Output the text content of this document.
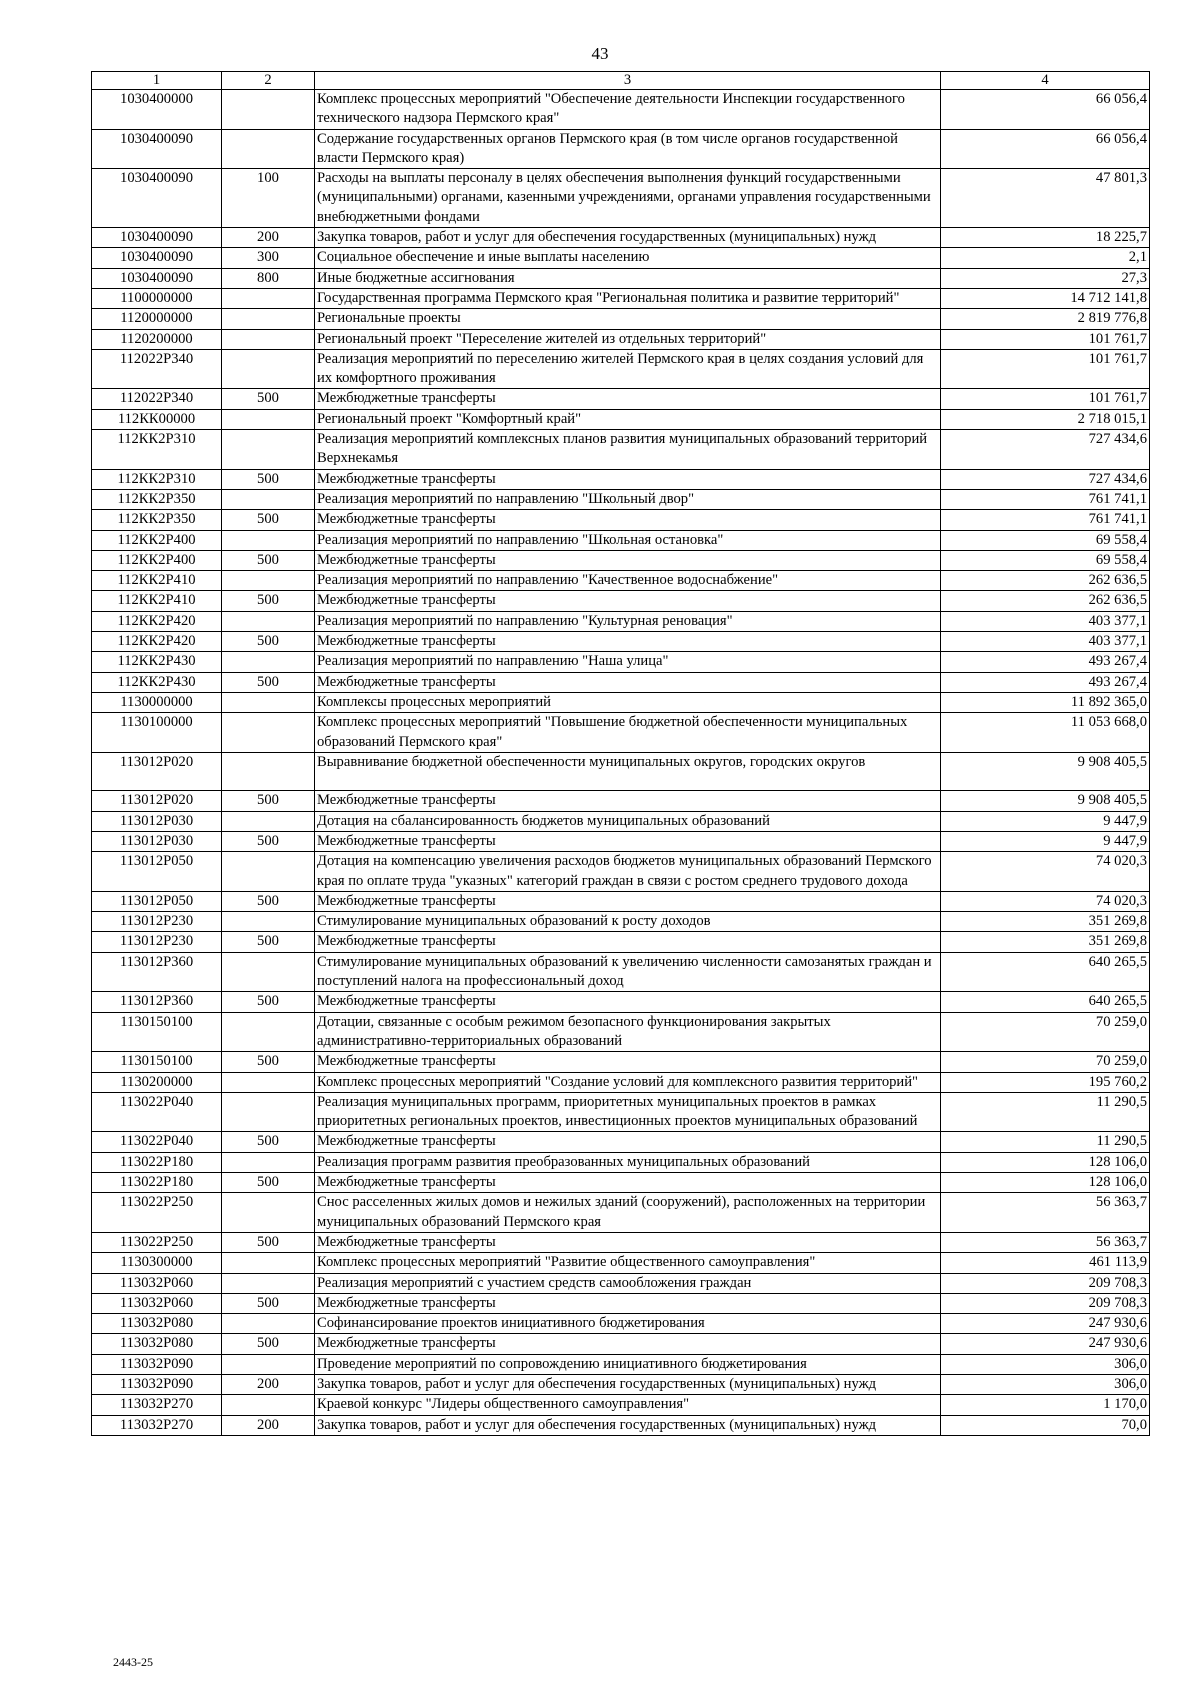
43
1	2	3	4
1030400000		Комплекс процессных мероприятий "Обеспечение деятельности Инспекции государственного технического надзора Пермского края"	66 056,4
1030400090		Содержание государственных органов Пермского края (в том числе органов государственной власти Пермского края)	66 056,4
1030400090	100	Расходы на выплаты персоналу в целях обеспечения выполнения функций государственными (муниципальными) органами, казенными учреждениями, органами управления государственными внебюджетными фондами	47 801,3
1030400090	200	Закупка товаров, работ и услуг для обеспечения государственных (муниципальных) нужд	18 225,7
1030400090	300	Социальное обеспечение и иные выплаты населению	2,1
1030400090	800	Иные бюджетные ассигнования	27,3
1100000000		Государственная программа Пермского края "Региональная политика и развитие территорий"	14 712 141,8
1120000000		Региональные проекты	2 819 776,8
1120200000		Региональный проект "Переселение жителей из отдельных территорий"	101 761,7
112022P340		Реализация мероприятий по переселению жителей Пермского края в целях создания условий для их комфортного проживания	101 761,7
112022P340	500	Межбюджетные трансферты	101 761,7
112КК00000		Региональный проект "Комфортный край"	2 718 015,1
112КК2Р310		Реализация мероприятий комплексных планов развития муниципальных образований территорий Верхнекамья	727 434,6
112КК2Р310	500	Межбюджетные трансферты	727 434,6
112КК2Р350		Реализация мероприятий по направлению "Школьный двор"	761 741,1
112КК2Р350	500	Межбюджетные трансферты	761 741,1
112КК2Р400		Реализация мероприятий по направлению "Школьная остановка"	69 558,4
112КК2Р400	500	Межбюджетные трансферты	69 558,4
112КК2Р410		Реализация мероприятий по направлению "Качественное водоснабжение"	262 636,5
112КК2Р410	500	Межбюджетные трансферты	262 636,5
112КК2Р420		Реализация мероприятий по направлению "Культурная реновация"	403 377,1
112КК2Р420	500	Межбюджетные трансферты	403 377,1
112КК2Р430		Реализация мероприятий по направлению "Наша улица"	493 267,4
112КК2Р430	500	Межбюджетные трансферты	493 267,4
1130000000		Комплексы процессных мероприятий	11 892 365,0
1130100000		Комплекс процессных мероприятий "Повышение бюджетной обеспеченности муниципальных образований Пермского края"	11 053 668,0
113012Р020		Выравнивание бюджетной обеспеченности муниципальных округов, городских округов	9 908 405,5
113012Р020	500	Межбюджетные трансферты	9 908 405,5
113012Р030		Дотация на сбалансированность бюджетов муниципальных образований	9 447,9
113012Р030	500	Межбюджетные трансферты	9 447,9
113012Р050		Дотация на компенсацию увеличения расходов бюджетов муниципальных образований Пермского края по оплате труда "указных" категорий граждан в связи с ростом среднего трудового дохода	74 020,3
113012Р050	500	Межбюджетные трансферты	74 020,3
113012Р230		Стимулирование муниципальных образований к росту доходов	351 269,8
113012Р230	500	Межбюджетные трансферты	351 269,8
113012Р360		Стимулирование муниципальных образований к увеличению численности самозанятых граждан и поступлений налога на профессиональный доход	640 265,5
113012Р360	500	Межбюджетные трансферты	640 265,5
1130150100		Дотации, связанные с особым режимом безопасного функционирования закрытых административно-территориальных образований	70 259,0
1130150100	500	Межбюджетные трансферты	70 259,0
1130200000		Комплекс процессных мероприятий "Создание условий для комплексного развития территорий"	195 760,2
113022Р040		Реализация муниципальных программ, приоритетных муниципальных проектов в рамках приоритетных региональных проектов, инвестиционных проектов муниципальных образований	11 290,5
113022Р040	500	Межбюджетные трансферты	11 290,5
113022Р180		Реализация программ развития преобразованных муниципальных образований	128 106,0
113022Р180	500	Межбюджетные трансферты	128 106,0
113022Р250		Снос расселенных жилых домов и нежилых зданий (сооружений), расположенных на территории муниципальных образований Пермского края	56 363,7
113022Р250	500	Межбюджетные трансферты	56 363,7
1130300000		Комплекс процессных мероприятий "Развитие общественного самоуправления"	461 113,9
113032Р060		Реализация мероприятий с участием средств самообложения граждан	209 708,3
113032Р060	500	Межбюджетные трансферты	209 708,3
113032Р080		Софинансирование проектов инициативного бюджетирования	247 930,6
113032Р080	500	Межбюджетные трансферты	247 930,6
113032Р090		Проведение мероприятий по сопровождению инициативного бюджетирования	306,0
113032Р090	200	Закупка товаров, работ и услуг для обеспечения государственных (муниципальных) нужд	306,0
113032Р270		Краевой конкурс "Лидеры общественного самоуправления"	1 170,0
113032Р270	200	Закупка товаров, работ и услуг для обеспечения государственных (муниципальных) нужд	70,0
2443-25
